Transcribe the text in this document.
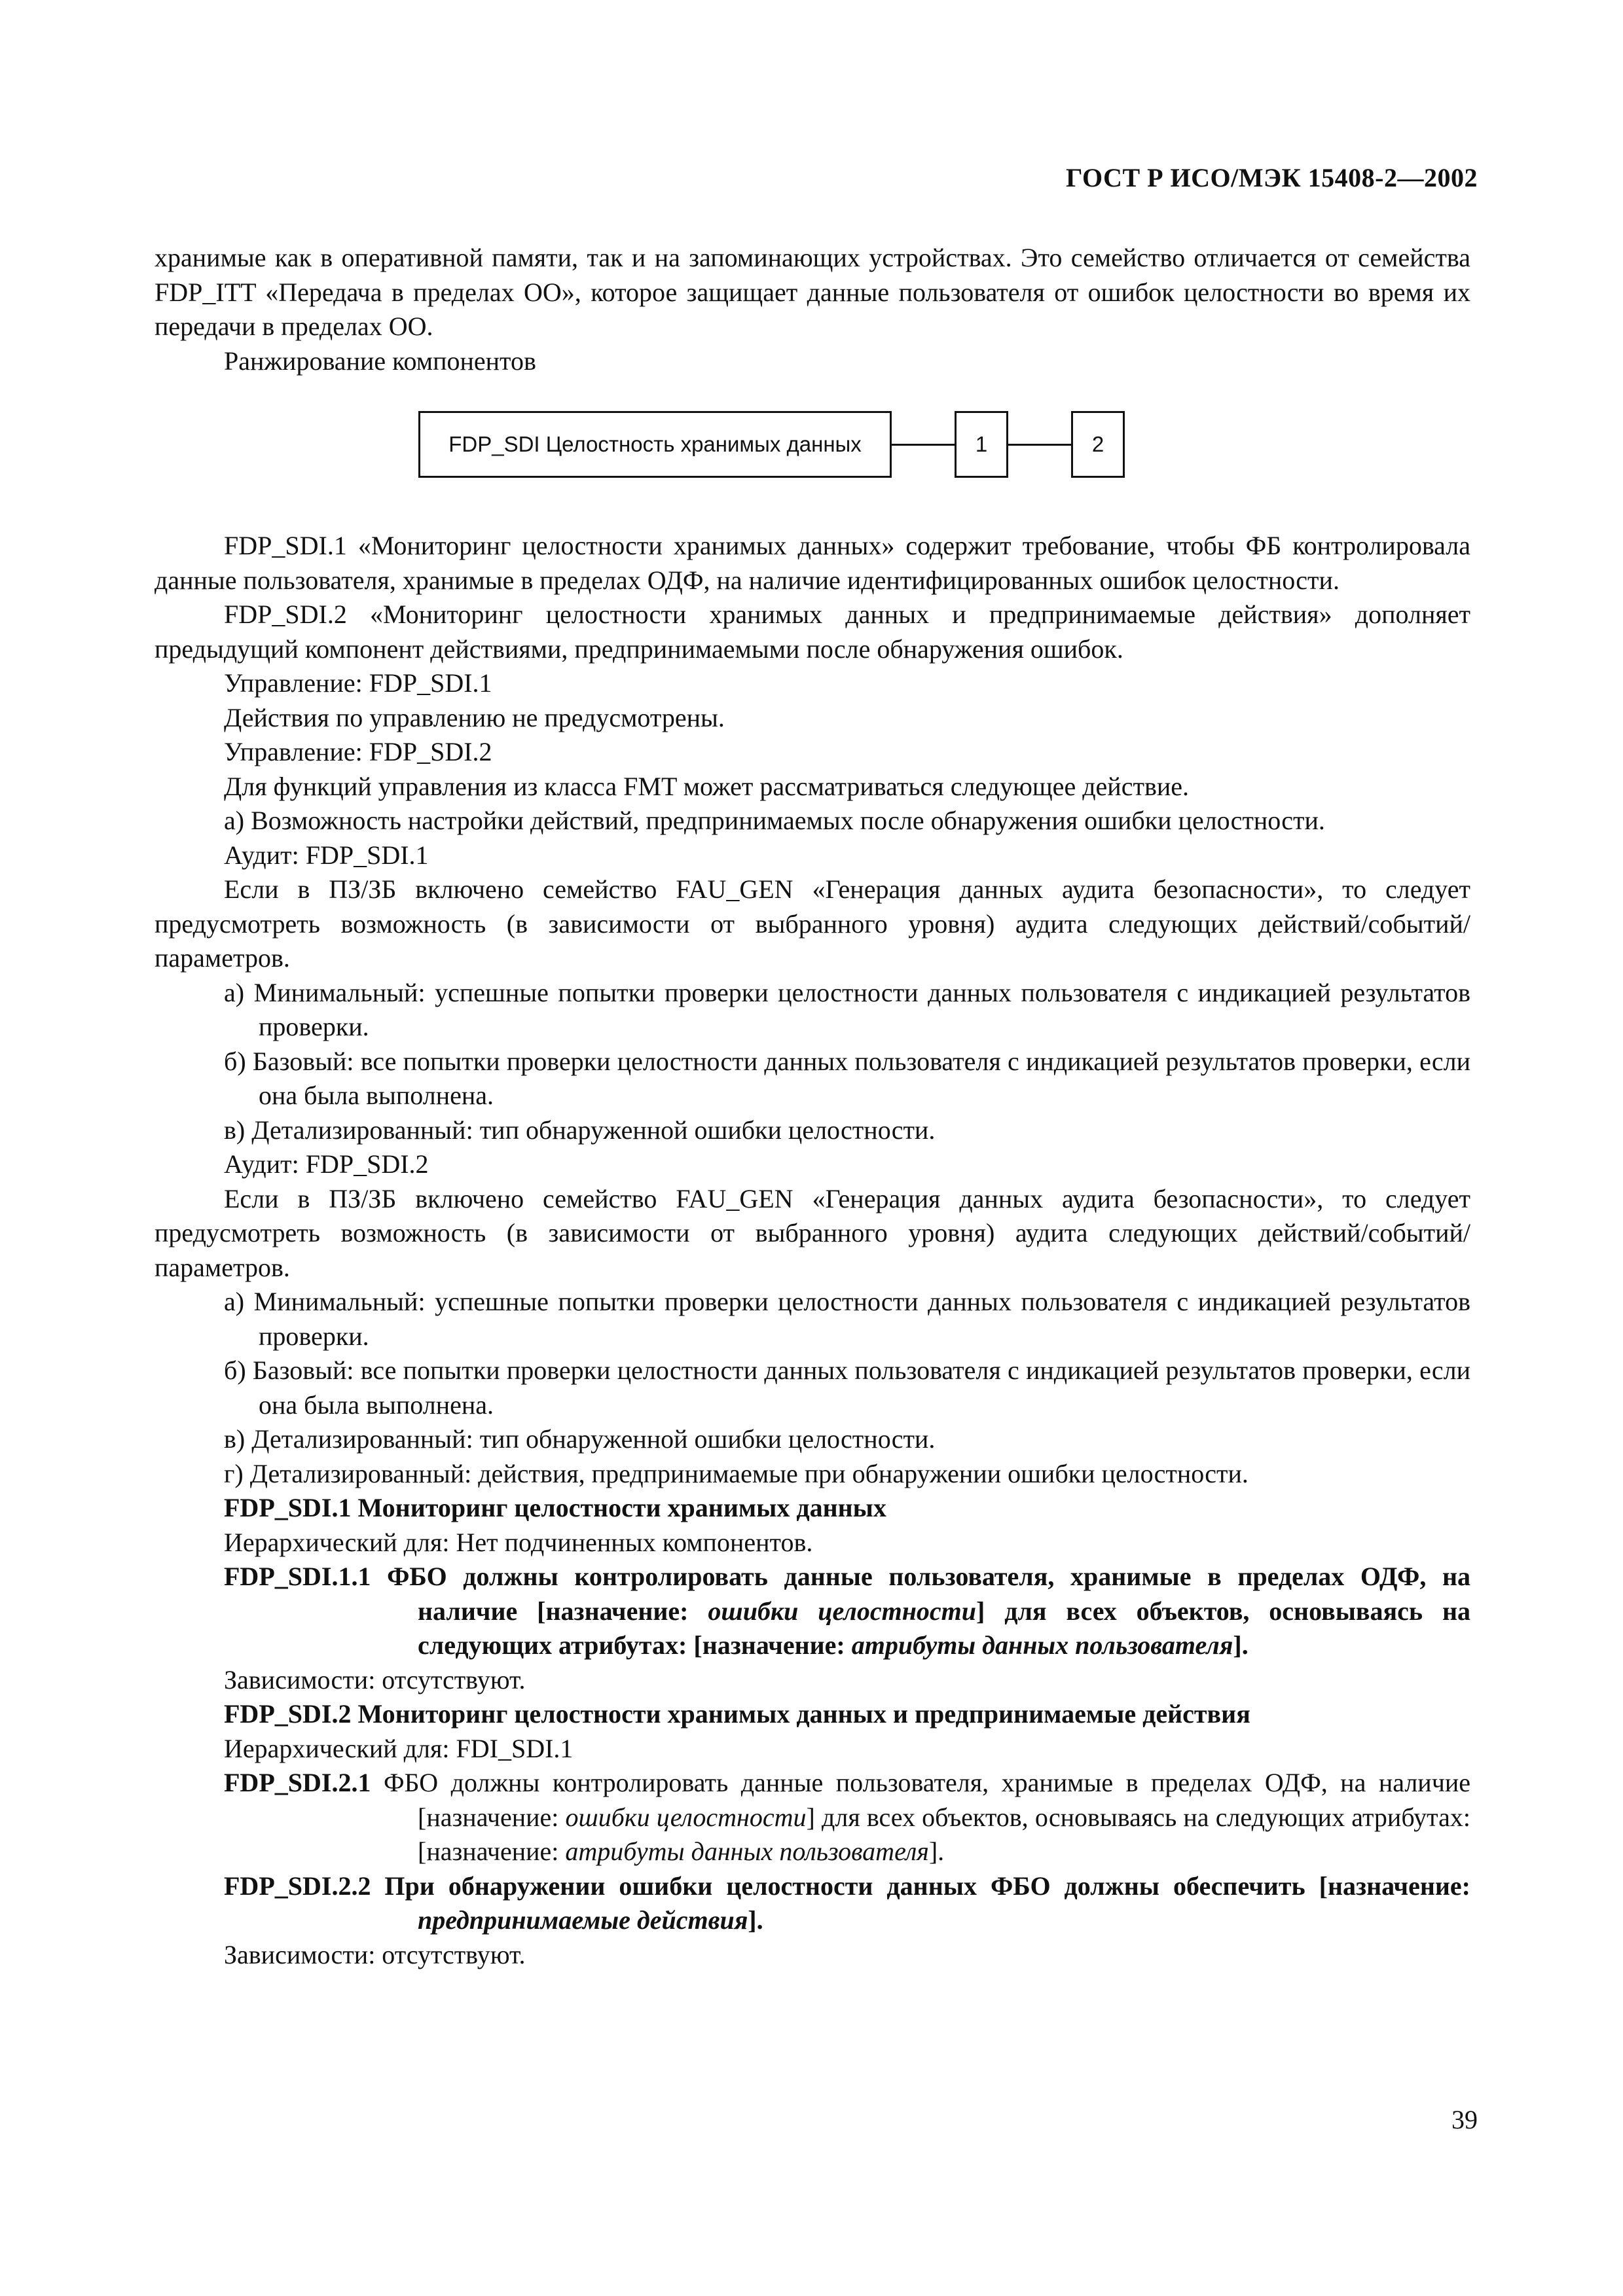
ГОСТ Р ИСО/МЭК 15408-2—2002

хранимые как в оперативной памяти, так и на запоминающих устройствах. Это семейство отличается от семейства FDP_ITT «Передача в пределах ОО», которое защищает данные пользователя от ошибок целостности во время их передачи в пределах ОО.

Ранжирование компонентов

FDP_SDI Целостность хранимых данных	1	2

FDP_SDI.1 «Мониторинг целостности хранимых данных» содержит требование, чтобы ФБ контролировала данные пользователя, хранимые в пределах ОДФ, на наличие идентифицированных ошибок целостности.

FDP_SDI.2 «Мониторинг целостности хранимых данных и предпринимаемые действия» дополняет предыдущий компонент действиями, предпринимаемыми после обнаружения ошибок.

Управление: FDP_SDI.1

Действия по управлению не предусмотрены.

Управление: FDP_SDI.2

Для функций управления из класса FMT может рассматриваться следующее действие.

а) Возможность настройки действий, предпринимаемых после обнаружения ошибки целостности.

Аудит: FDP_SDI.1

Если в ПЗ/ЗБ включено семейство FAU_GEN «Генерация данных аудита безопасности», то следует предусмотреть возможность (в зависимости от выбранного уровня) аудита следующих действий/событий/параметров.

а) Минимальный: успешные попытки проверки целостности данных пользователя с индикацией результатов проверки.

б) Базовый: все попытки проверки целостности данных пользователя с индикацией результатов проверки, если она была выполнена.

в) Детализированный: тип обнаруженной ошибки целостности.

Аудит: FDP_SDI.2

Если в ПЗ/ЗБ включено семейство FAU_GEN «Генерация данных аудита безопасности», то следует предусмотреть возможность (в зависимости от выбранного уровня) аудита следующих действий/событий/параметров.

а) Минимальный: успешные попытки проверки целостности данных пользователя с индикацией результатов проверки.

б) Базовый: все попытки проверки целостности данных пользователя с индикацией результатов проверки, если она была выполнена.

в) Детализированный: тип обнаруженной ошибки целостности.

г) Детализированный: действия, предпринимаемые при обнаружении ошибки целостности.

FDP_SDI.1 Мониторинг целостности хранимых данных

Иерархический для: Нет подчиненных компонентов.

FDP_SDI.1.1 ФБО должны контролировать данные пользователя, хранимые в пределах ОДФ, на наличие [назначение: ошибки целостности] для всех объектов, основываясь на следующих атрибутах: [назначение: атрибуты данных пользователя].

Зависимости: отсутствуют.

FDP_SDI.2 Мониторинг целостности хранимых данных и предпринимаемые действия

Иерархический для: FDI_SDI.1

FDP_SDI.2.1 ФБО должны контролировать данные пользователя, хранимые в пределах ОДФ, на наличие [назначение: ошибки целостности] для всех объектов, основываясь на следующих атрибутах: [назначение: атрибуты данных пользователя].

FDP_SDI.2.2 При обнаружении ошибки целостности данных ФБО должны обеспечить [назначение: предпринимаемые действия].

Зависимости: отсутствуют.

39
